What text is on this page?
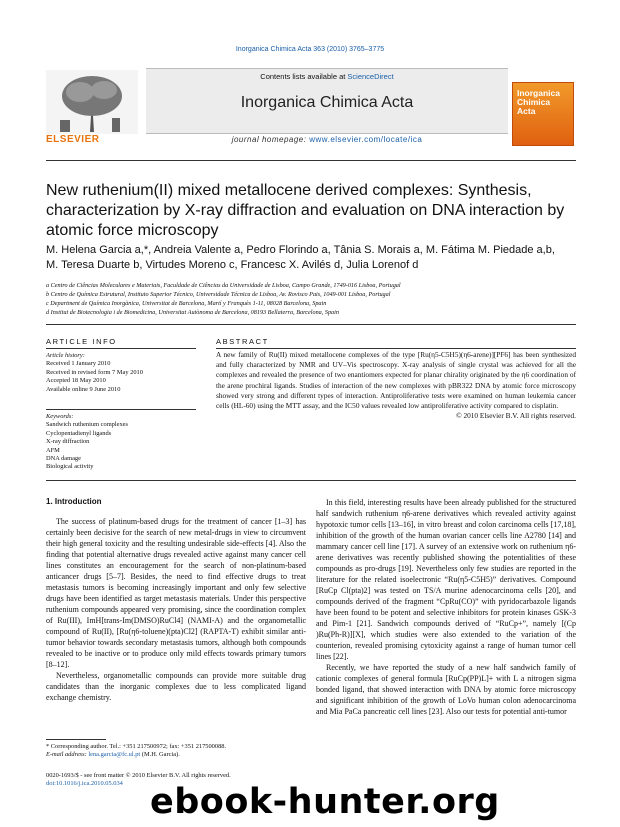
Inorganica Chimica Acta 363 (2010) 3765–3775
Contents lists available at ScienceDirect
Inorganica Chimica Acta
journal homepage: www.elsevier.com/locate/ica
ELSEVIER
Inorganica Chimica Acta
New ruthenium(II) mixed metallocene derived complexes: Synthesis, characterization by X-ray diffraction and evaluation on DNA interaction by atomic force microscopy
M. Helena Garcia a,*, Andreia Valente a, Pedro Florindo a, Tânia S. Morais a, M. Fátima M. Piedade a,b,
M. Teresa Duarte b, Virtudes Moreno c, Francesc X. Avilés d, Julia Lorenof d
a Centro de Ciências Moleculares e Materiais, Faculdade de Ciências da Universidade de Lisboa, Campo Grande, 1749-016 Lisboa, Portugal
b Centro de Química Estrutural, Instituto Superior Técnico, Universidade Técnica de Lisboa, Av. Rovisco Pais, 1049-001 Lisboa, Portugal
c Department de Química Inorgànica, Universitat de Barcelona, Martí y Franquès 1-11, 08028 Barcelona, Spain
d Institut de Biotecnologia i de Biomedicina, Universitat Autònoma de Barcelona, 08193 Bellaterra, Barcelona, Spain
ARTICLE INFO
Article history:
Received 1 January 2010
Received in revised form 7 May 2010
Accepted 18 May 2010
Available online 9 June 2010
Keywords:
Sandwich ruthenium complexes
Cyclopentadienyl ligands
X-ray diffraction
AFM
DNA damage
Biological activity
ABSTRACT
A new family of Ru(II) mixed metallocene complexes of the type [Ru(η5-C5H5)(η6-arene)][PF6] has been synthesized and fully characterized by NMR and UV–Vis spectroscopy. X-ray analysis of single crystal was achieved for all the complexes and revealed the presence of two enantiomers expected for planar chirality originated by the η6 coordination of the arene prochiral ligands. Studies of interaction of the new complexes with pBR322 DNA by atomic force microscopy showed very strong and different types of interaction. Antiproliferative tests were examined on human leukemia cancer cells (HL-60) using the MTT assay, and the IC50 values revealed low antiproliferative activity compared to cisplatin.
© 2010 Elsevier B.V. All rights reserved.
1. Introduction

The success of platinum-based drugs for the treatment of cancer [1–3] has certainly been decisive for the search of new metal-drugs in view to circumvent their high general toxicity and the resulting undesirable side-effects [4]. Also the finding that potential alternative drugs revealed active against many cancer cell lines constitutes an encouragement for the search of non-platinum-based anticancer drugs [5–7]. Besides, the need to find effective drugs to treat metastasis tumors is becoming increasingly important and only few selective drugs have been identified as target metastasis materials. Under this perspective ruthenium compounds appeared very promising, since the coordination complex of Ru(III), ImH[trans-Im(DMSO)RuCl4] (NAMI-A) and the organometallic compound of Ru(II), [Ru(η6-toluene)(pta)Cl2] (RAPTA-T) exhibit similar anti-tumor behavior towards secondary metastasis tumors, although both compounds revealed to be inactive or to produce only mild effects towards primary tumors [8–12].

Nevertheless, organometallic compounds can provide more suitable drug candidates than the inorganic complexes due to less complicated ligand exchange chemistry.

In this field, interesting results have been already published for the structured half sandwich ruthenium η6-arene derivatives which revealed activity against hypotoxic tumor cells [13–16], in vitro breast and colon carcinoma cells [17,18], inhibition of the growth of the human ovarian cancer cells line A2780 [14] and mammary cancer cell line [17]. A survey of an extensive work on ruthenium η6-arene derivatives was recently published showing the potentialities of these compounds as pro-drugs [19]. Nevertheless only few studies are reported in the literature for the related isoelectronic “Ru(η5-C5H5)” derivatives. Compound [RuCp Cl(pta)2] was tested on TS/A murine adenocarcinoma cells [20], and compounds derived of the fragment “CpRu(CO)” with pyridocarbazole ligands have been found to be potent and selective inhibitors for protein kinases GSK-3 and Pim-1 [21]. Sandwich compounds derived of “RuCp+”, namely [(Cp )Ru(Ph-R)][X], which studies were also extended to the variation of the counterion, revealed promising cytoxicity against a range of human tumor cell lines [22].

Recently, we have reported the study of a new half sandwich family of cationic complexes of general formula [RuCp(PP)L]+ with L a nitrogen sigma bonded ligand, that showed interaction with DNA by atomic force microscopy and significant inhibition of the growth of LoVo human colon adenocarcinoma and Mia PaCa pancreatic cell lines [23]. Also our tests for potential anti-tumor

* Corresponding author. Tel.: +351 217500972; fax: +351 217500088.
E-mail address: lena.garcia@fc.ul.pt (M.H. Garcia).
0020-1693/$ - see front matter © 2010 Elsevier B.V. All rights reserved.
doi:10.1016/j.ica.2010.05.034 ebook-hunter.org
